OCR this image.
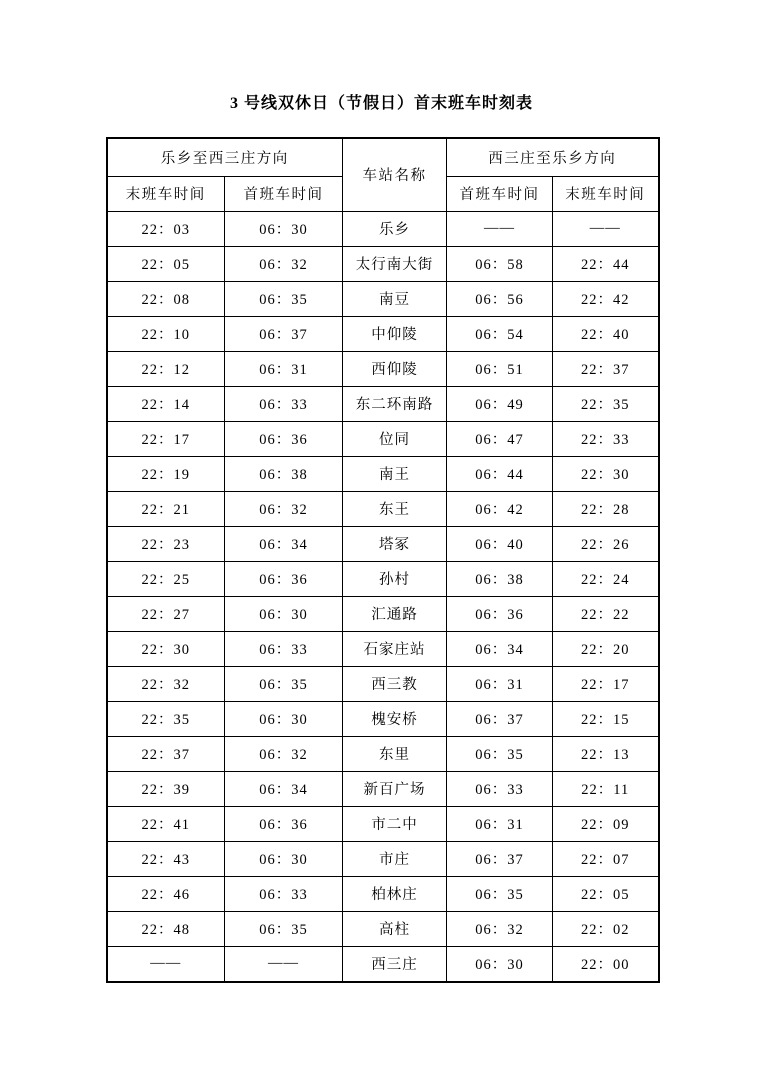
3 号线双休日（节假日）首末班车时刻表
乐乡至西三庄方向		车站名称	西三庄至乐乡方向	
末班车时间	首班车时间		首班车时间	末班车时间
22：03	06：30	乐乡	——	——
22：05	06：32	太行南大街	06：58	22：44
22：08	06：35	南豆	06：56	22：42
22：10	06：37	中仰陵	06：54	22：40
22：12	06：31	西仰陵	06：51	22：37
22：14	06：33	东二环南路	06：49	22：35
22：17	06：36	位同	06：47	22：33
22：19	06：38	南王	06：44	22：30
22：21	06：32	东王	06：42	22：28
22：23	06：34	塔冢	06：40	22：26
22：25	06：36	孙村	06：38	22：24
22：27	06：30	汇通路	06：36	22：22
22：30	06：33	石家庄站	06：34	22：20
22：32	06：35	西三教	06：31	22：17
22：35	06：30	槐安桥	06：37	22：15
22：37	06：32	东里	06：35	22：13
22：39	06：34	新百广场	06：33	22：11
22：41	06：36	市二中	06：31	22：09
22：43	06：30	市庄	06：37	22：07
22：46	06：33	柏林庄	06：35	22：05
22：48	06：35	高柱	06：32	22：02
——	——	西三庄	06：30	22：00
